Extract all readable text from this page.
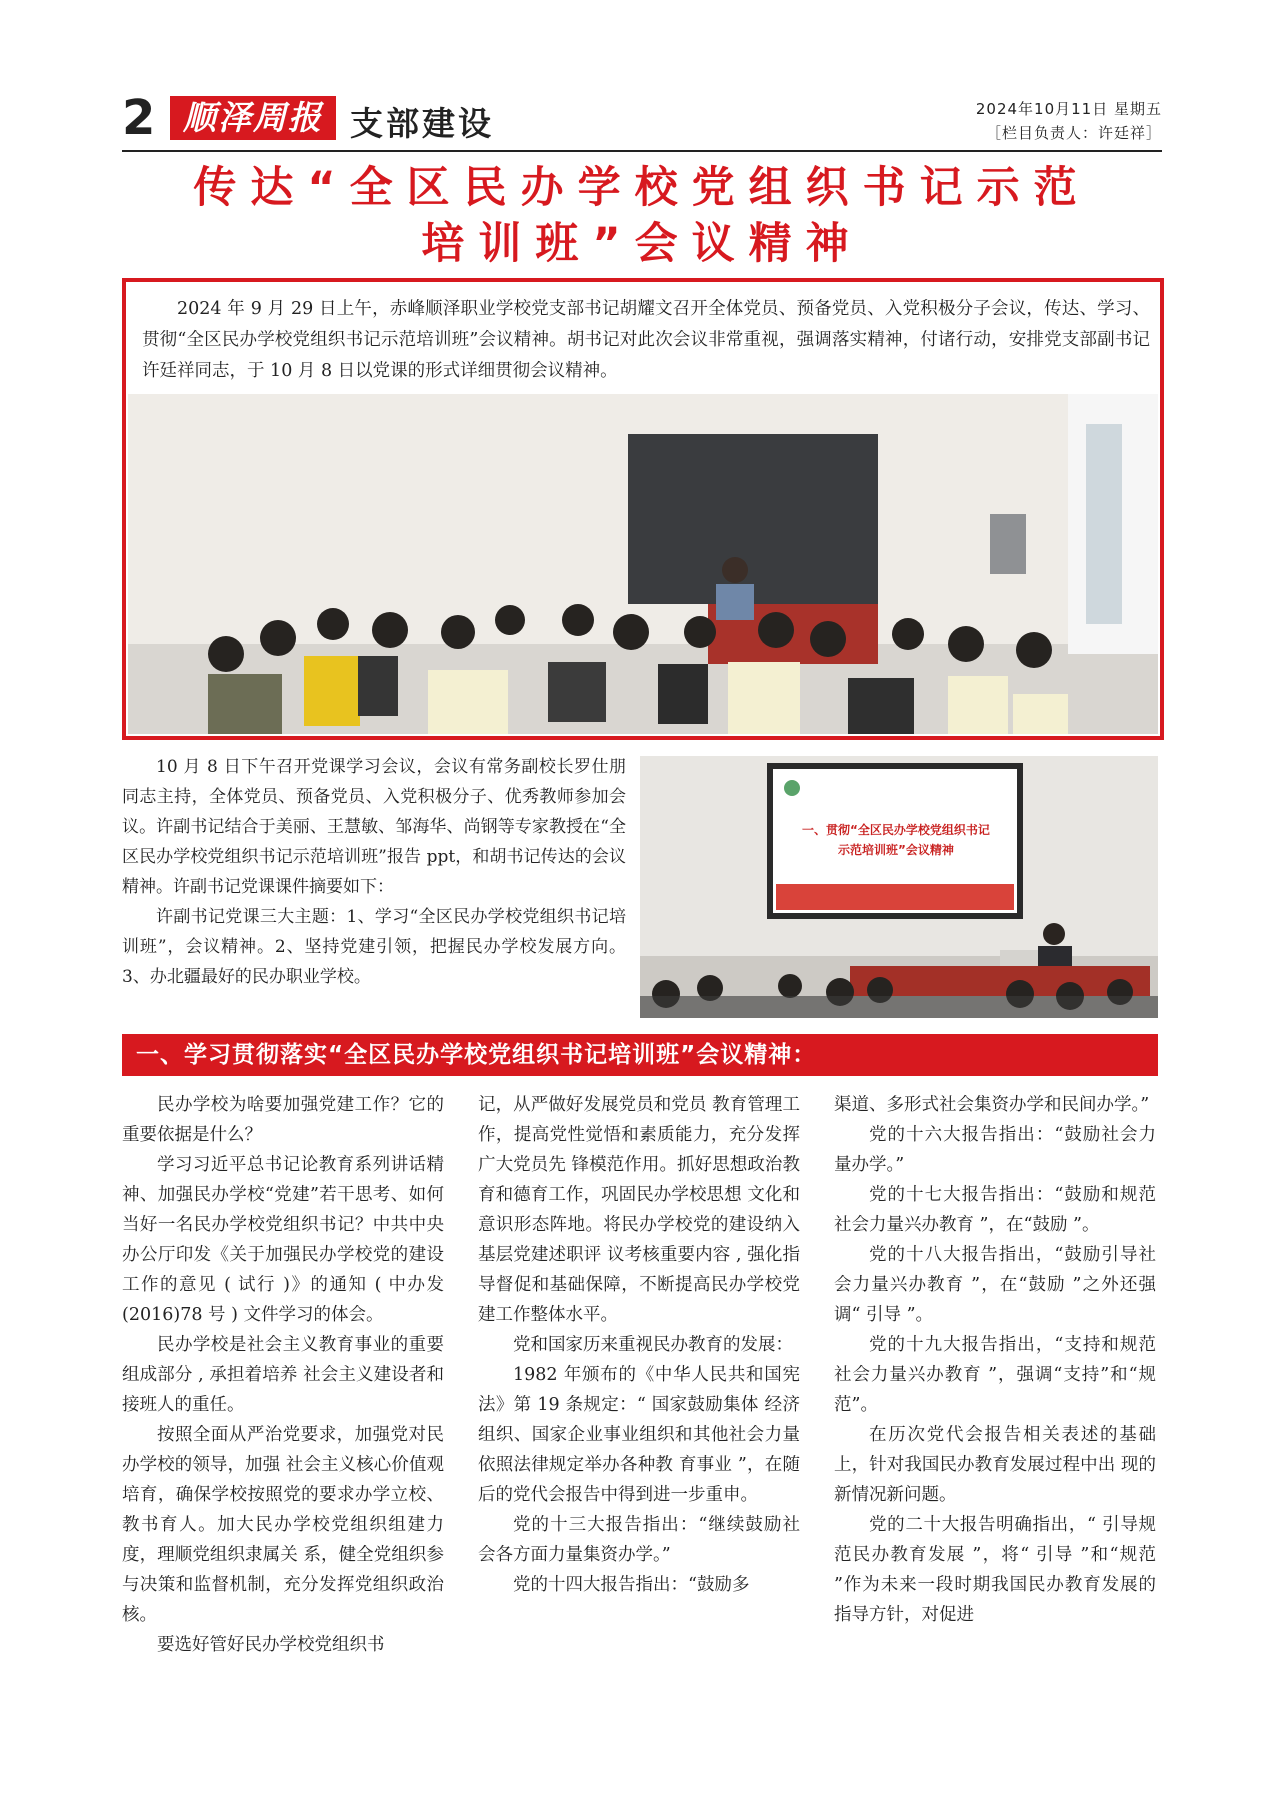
2 顺泽周报 支部建设	2024年10月11日 星期五
［栏目负责人：许廷祥］
传达“全区民办学校党组织书记示范
培训班”会议精神

2024 年 9 月 29 日上午，赤峰顺泽职业学校党支部书记胡耀文召开全体党员、预备党员、入党积极分子会议，传达、学习、贯彻“全区民办学校党组织书记示范培训班”会议精神。胡书记对此次会议非常重视，强调落实精神，付诸行动，安排党支部副书记许廷祥同志，于 10 月 8 日以党课的形式详细贯彻会议精神。

10 月 8 日下午召开党课学习会议，会议有常务副校长罗仕朋同志主持，全体党员、预备党员、入党积极分子、优秀教师参加会议。许副书记结合于美丽、王慧敏、邹海华、尚钢等专家教授在“全区民办学校党组织书记示范培训班”报告 ppt，和胡书记传达的会议精神。许副书记党课课件摘要如下：

许副书记党课三大主题：1、学习“全区民办学校党组织书记培训班”，会议精神。2、坚持党建引领，把握民办学校发展方向。3、办北疆最好的民办职业学校。

一、贯彻“全区民办学校党组织书记
示范培训班”会议精神
一、学习贯彻落实“全区民办学校党组织书记培训班”会议精神：

民办学校为啥要加强党建工作？它的重要依据是什么？

学习习近平总书记论教育系列讲话精神、加强民办学校“党建”若干思考、如何当好一名民办学校党组织书记？中共中央办公厅印发《关于加强民办学校党的建设工作的意见 ( 试行 )》的通知 ( 中办发 (2016)78 号 ) 文件学习的体会。

民办学校是社会主义教育事业的重要组成部分 , 承担着培养 社会主义建设者和接班人的重任。

按照全面从严治党要求，加强党对民办学校的领导，加强 社会主义核心价值观培育，确保学校按照党的要求办学立校、 教书育人。加大民办学校党组织组建力度，理顺党组织隶属关 系，健全党组织参与决策和监督机制，充分发挥党组织政治核。

要选好管好民办学校党组织书

记，从严做好发展党员和党员 教育管理工作，提高党性觉悟和素质能力，充分发挥广大党员先 锋模范作用。抓好思想政治教育和德育工作，巩固民办学校思想 文化和意识形态阵地。将民办学校党的建设纳入基层党建述职评 议考核重要内容 , 强化指导督促和基础保障，不断提高民办学校党建工作整体水平。

党和国家历来重视民办教育的发展：

1982 年颁布的《中华人民共和国宪法》第 19 条规定：“ 国家鼓励集体 经济组织、国家企业事业组织和其他社会力量依照法律规定举办各种教 育事业 ”，在随后的党代会报告中得到进一步重申。

党的十三大报告指出：“继续鼓励社会各方面力量集资办学。”

党的十四大报告指出：“鼓励多

渠道、多形式社会集资办学和民间办学。”

党的十六大报告指出：“鼓励社会力量办学。”

党的十七大报告指出：“鼓励和规范社会力量兴办教育 ”，在“鼓励 ”。

党的十八大报告指出，“鼓励引导社会力量兴办教育 ”，在“鼓励 ”之外还强调“ 引导 ”。

党的十九大报告指出，“支持和规范社会力量兴办教育 ”，强调“支持”和“规范”。

在历次党代会报告相关表述的基础上，针对我国民办教育发展过程中出 现的新情况新问题。

党的二十大报告明确指出，“ 引导规范民办教育发展 ”，将“ 引导 ”和“规范 ”作为未来一段时期我国民办教育发展的指导方针，对促进
